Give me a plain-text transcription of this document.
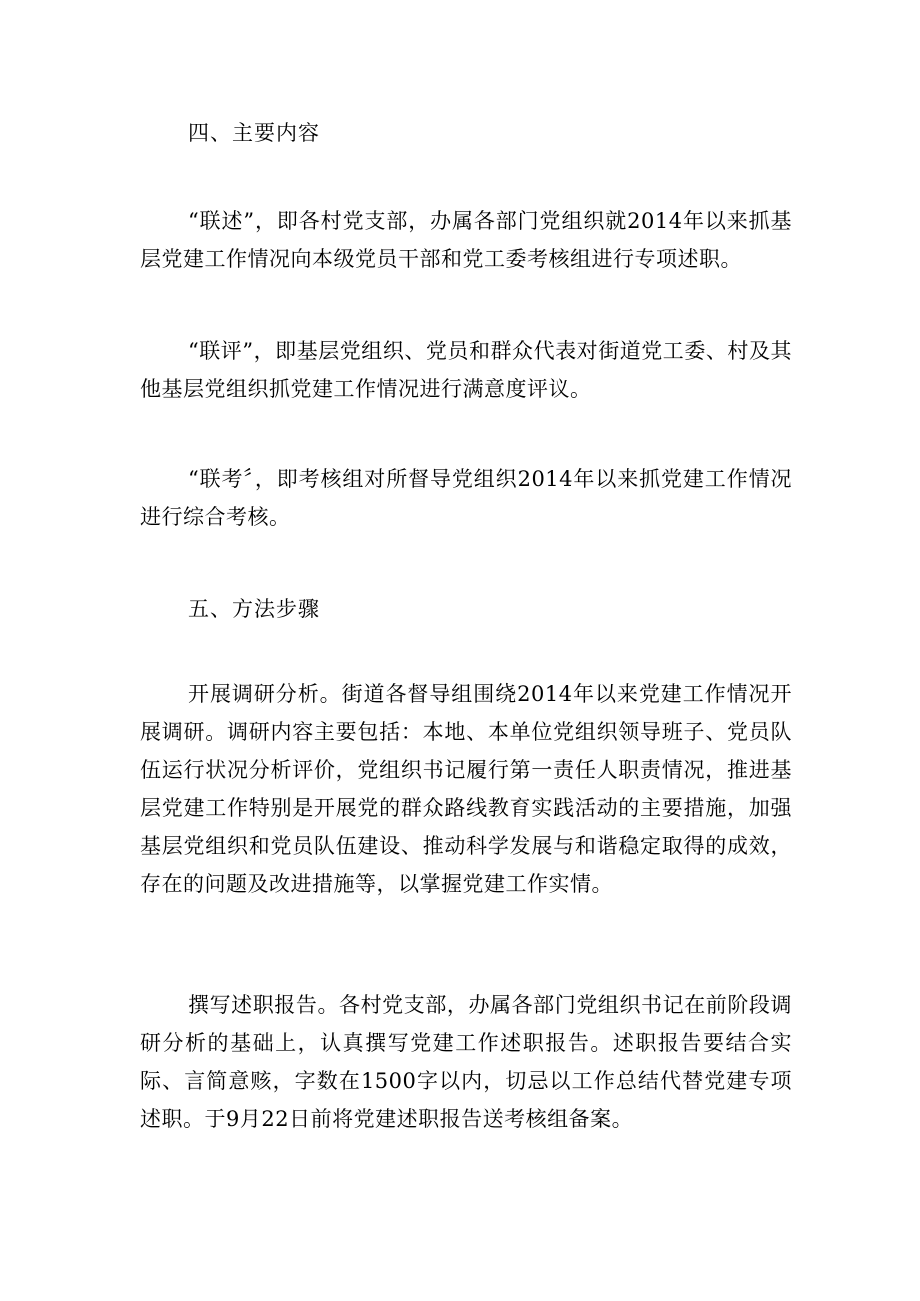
四、主要内容

“联述”，即各村党支部，办属各部门党组织就2014年以来抓基层党建工作情况向本级党员干部和党工委考核组进行专项述职。

“联评”，即基层党组织、党员和群众代表对街道党工委、村及其他基层党组织抓党建工作情况进行满意度评议。

“联考〞，即考核组对所督导党组织2014年以来抓党建工作情况进行综合考核。

五、方法步骤

开展调研分析。街道各督导组围绕2014年以来党建工作情况开展调研。调研内容主要包括：本地、本单位党组织领导班子、党员队伍运行状况分析评价，党组织书记履行第一责任人职责情况，推进基层党建工作特别是开展党的群众路线教育实践活动的主要措施，加强基层党组织和党员队伍建设、推动科学发展与和谐稳定取得的成效，存在的问题及改进措施等，以掌握党建工作实情。

撰写述职报告。各村党支部，办属各部门党组织书记在前阶段调研分析的基础上，认真撰写党建工作述职报告。述职报告要结合实际、言简意赅，字数在1500字以内，切忌以工作总结代替党建专项述职。于9月22日前将党建述职报告送考核组备案。
